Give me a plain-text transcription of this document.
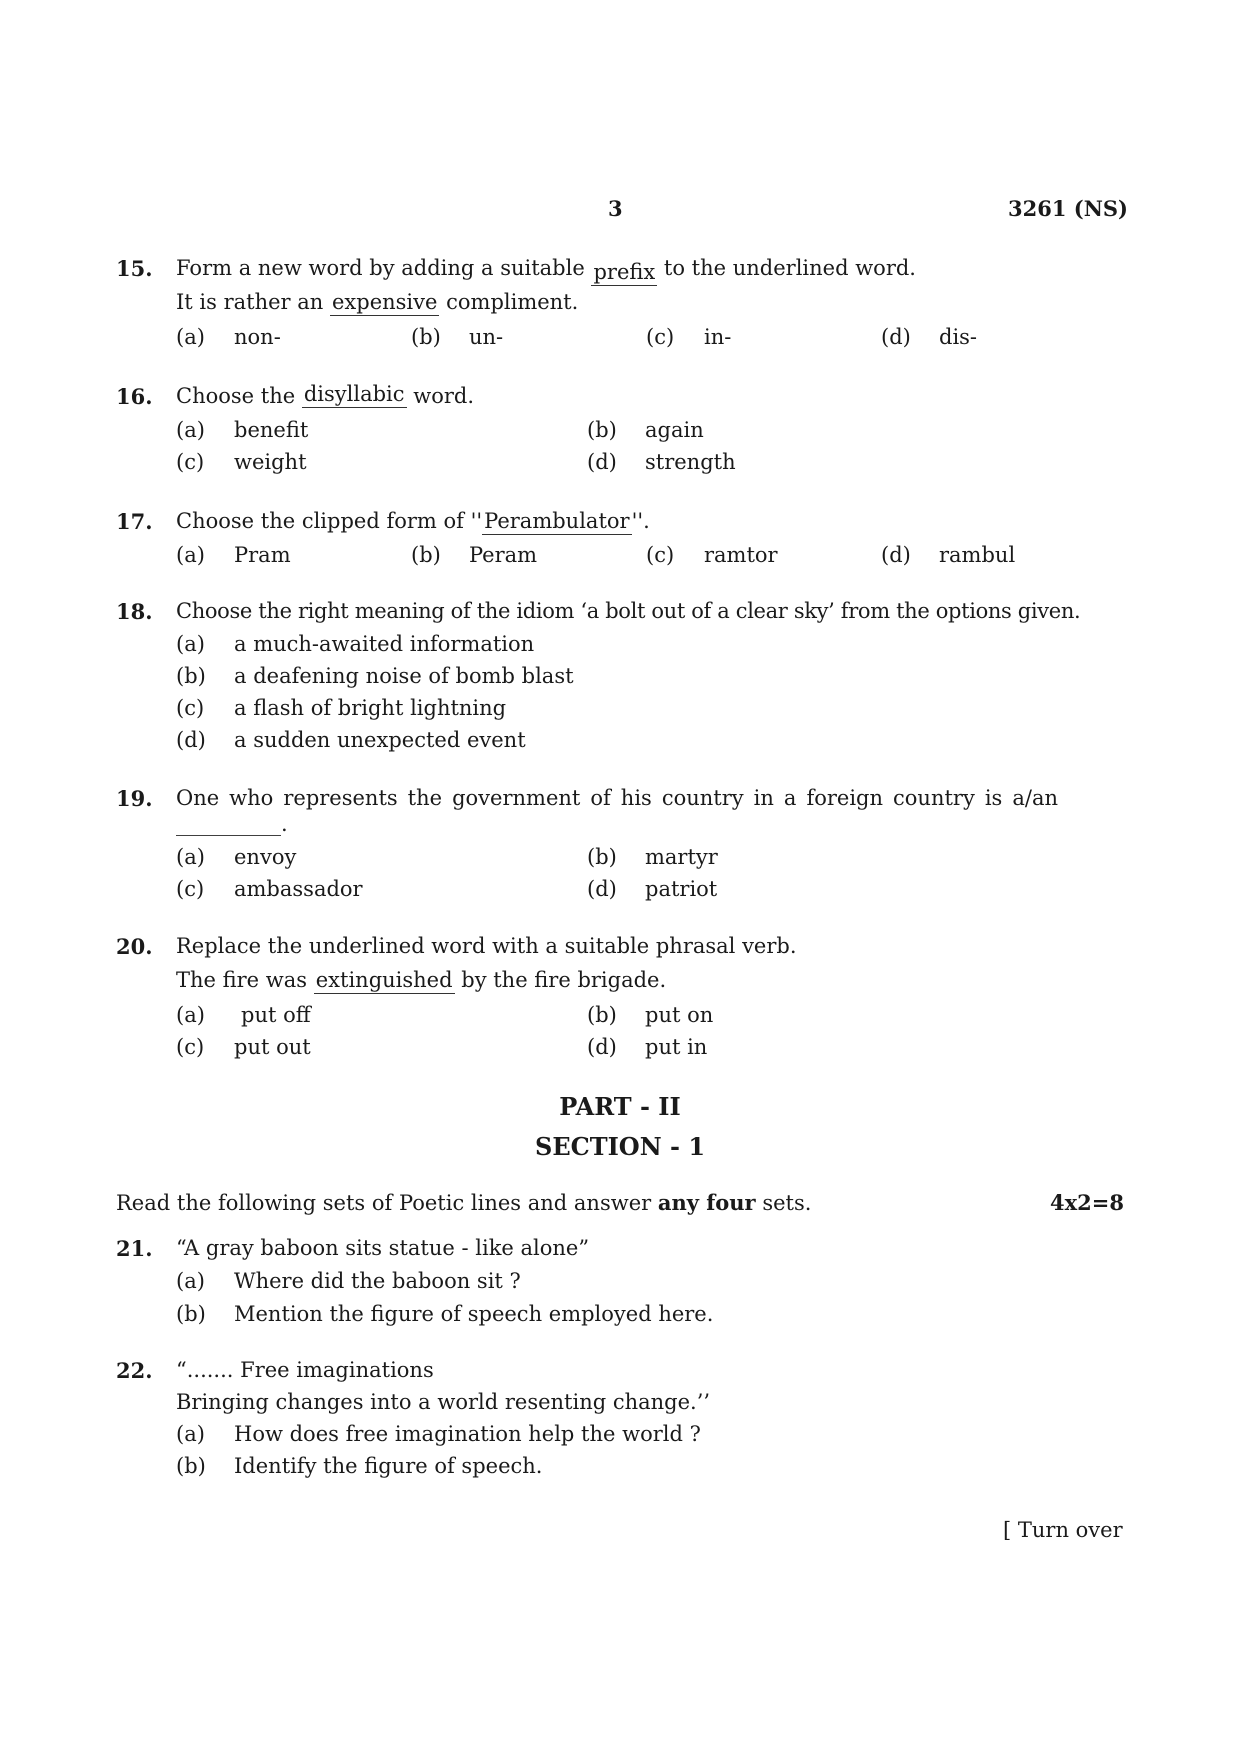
3	3261 (NS)
15. Form a new word by adding a suitable prefix to the underlined word.
It is rather an expensive compliment.
(a) non-	(b) un-	(c) in-	(d) dis-
16. Choose the disyllabic word.
(a) benefit	(b) again
(c) weight	(d) strength
17. Choose the clipped form of ''Perambulator''.
(a) Pram	(b) Peram	(c) ramtor	(d) rambul
18. Choose the right meaning of the idiom ‘a bolt out of a clear sky’ from the options given.
(a) a much-awaited information
(b) a deafening noise of bomb blast
(c) a flash of bright lightning
(d) a sudden unexpected event
19. One who represents the government of his country in a foreign country is a/an
__________.
(a) envoy	(b) martyr
(c) ambassador	(d) patriot
20. Replace the underlined word with a suitable phrasal verb.
The fire was extinguished by the fire brigade.
(a) put off	(b) put on
(c) put out	(d) put in
PART - II
SECTION - 1
Read the following sets of Poetic lines and answer any four sets.	4x2=8
21. “A gray baboon sits statue - like alone”
(a) Where did the baboon sit ?
(b) Mention the figure of speech employed here.
22. “....... Free imaginations
Bringing changes into a world resenting change.’’
(a) How does free imagination help the world ?
(b) Identify the figure of speech.
[ Turn over
